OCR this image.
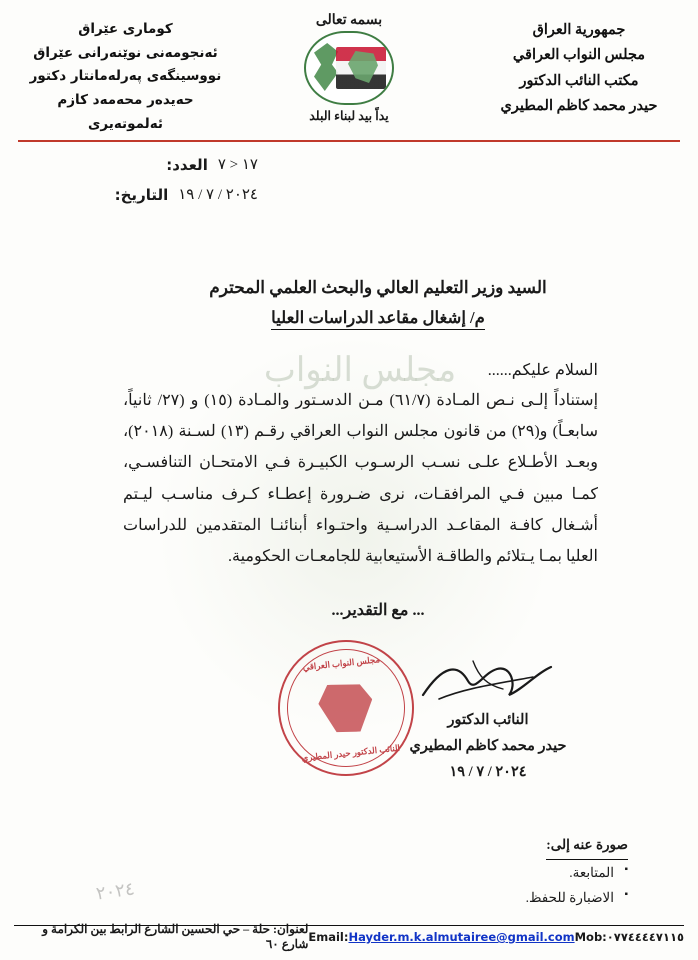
مجلس النواب
جمهورية العراق
مجلس النواب العراقي
مكتب النائب الدكتور
حيدر محمد كاظم المطيري
بسمه تعالى
يداً بيد لبناء البلد
كوماری عێراق
ئەنجومەنی نوێنەرانی عێراق
نووسینگەی پەرلەمانتار دکتور
حەیدەر محەمەد کازم ئەلموتەیری
١٧ < ٧
العدد:
٢٠٢٤ / ٧ / ١٩
التاريخ:
السيد وزير التعليم العالي والبحث العلمي المحترم
م/ إشغال مقاعد الدراسات العليا
السلام عليكم......
إستناداً إلـى نـص المـادة (٦١/٧) مـن الدسـتور والمـادة (١٥) و (٢٧/ ثانياً، سابعـاً) و(٢٩) من قانون مجلس النواب العراقي رقـم (١٣) لسـنة (٢٠١٨)، وبعـد الأطـلاع علـى نسـب الرسـوب الكبيـرة فـي الامتحـان التنافسـي، كمـا مبين فـي المرافقـات، نرى ضـرورة إعطـاء كـرف مناسـب ليـتم أشـغال كافـة المقاعـد الدراسـية واحتـواء أبنائنـا المتقدمين للدراسات العليا بمـا يـتلائم والطاقـة الأستيعابية للجامعـات الحكومية.
... مع التقدير...
النائب الدكتور
حيدر محمد كاظم المطيري
٢٠٢٤ / ٧ / ١٩
مجلس النواب العراقي
النائب الدكتور حيدر المطيري
صورة عنه إلى:
▪ المتابعة.
▪ الاضبارة للحفظ.
٢٠٢٤
Email:Hayder.m.k.almutairee@gmail.comMob:٠٧٧٤٤٤٤٧١١٥
لعنوان: حلة – حي الحسين الشارع الرابط بين الكرامة و شارع ٦٠
